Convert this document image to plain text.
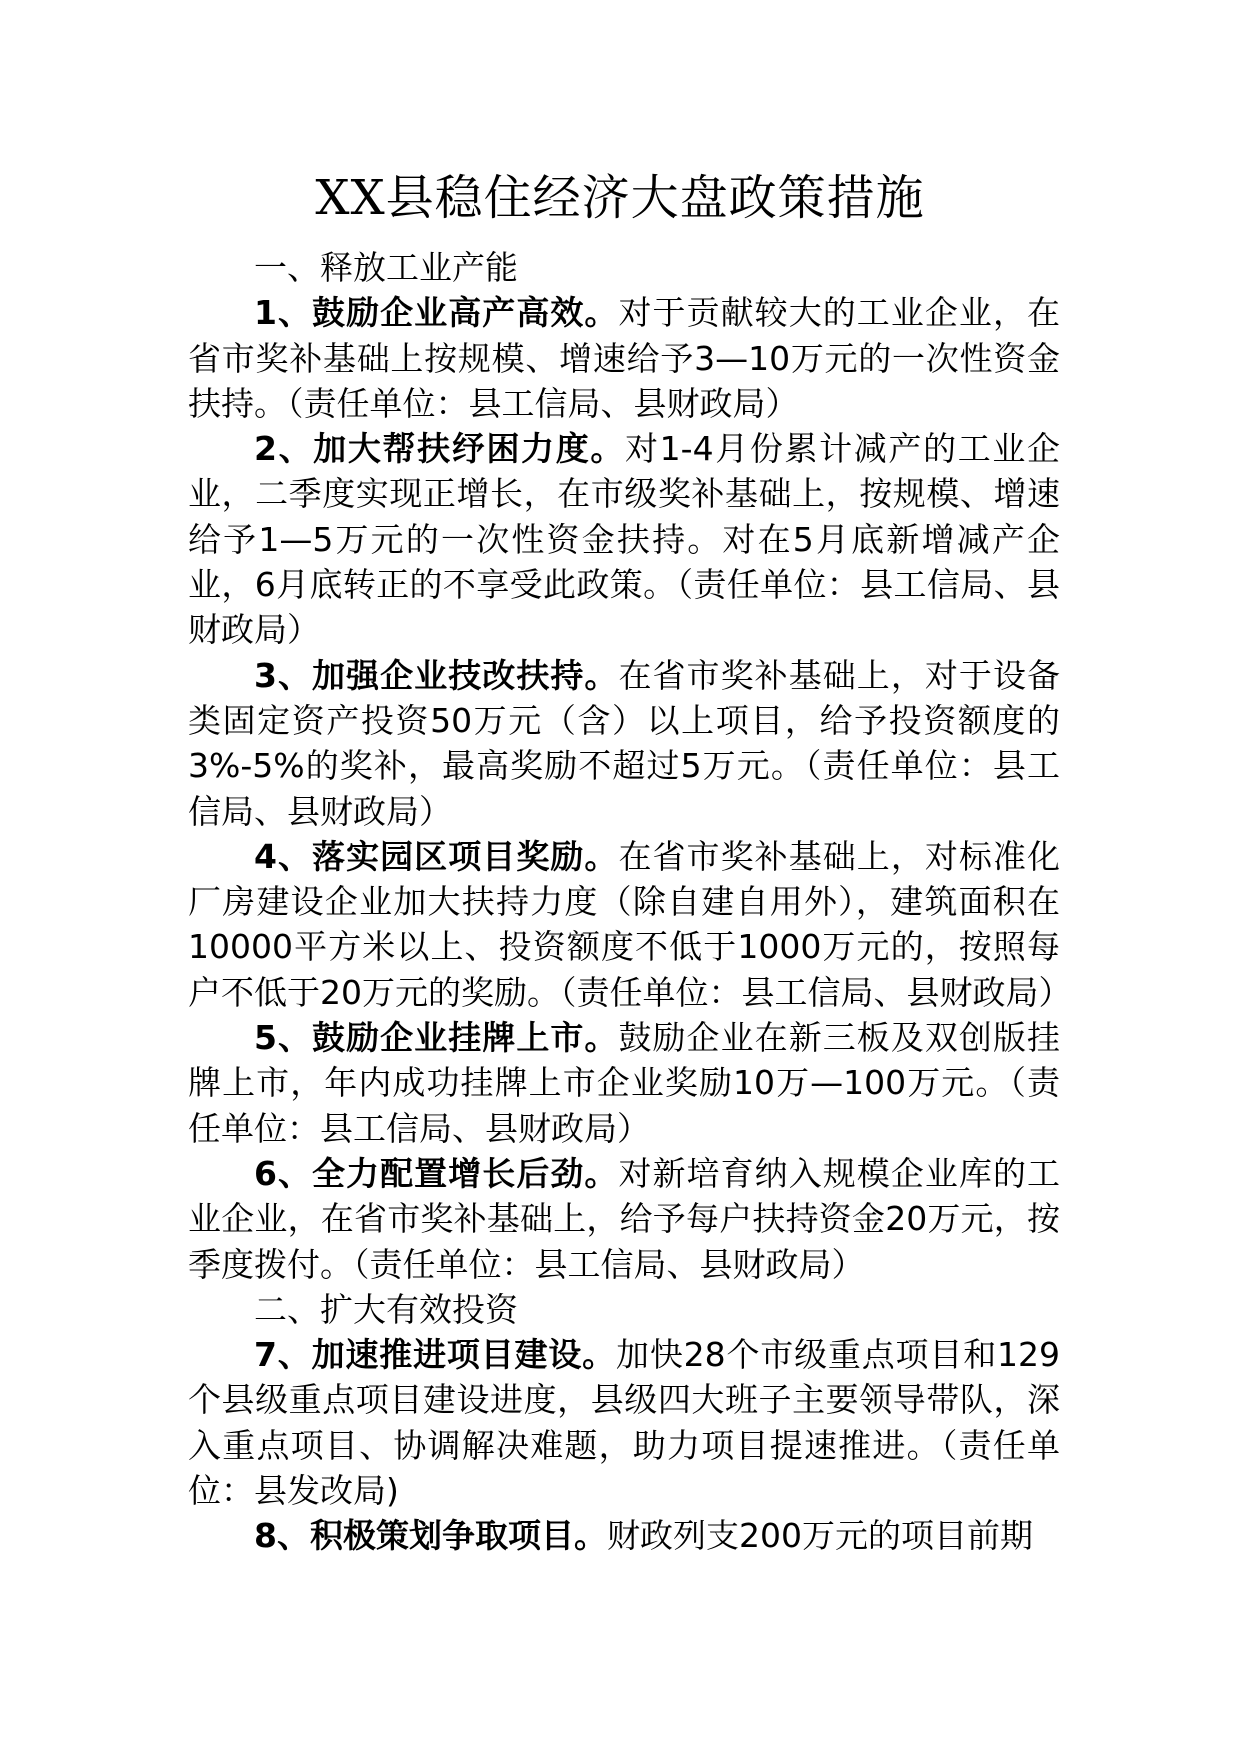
XX县稳住经济大盘政策措施

一、释放工业产能

1、鼓励企业高产高效。对于贡献较大的工业企业，在省市奖补基础上按规模、增速给予3—10万元的一次性资金扶持。（责任单位：县工信局、县财政局）

2、加大帮扶纾困力度。对1-4月份累计减产的工业企业，二季度实现正增长，在市级奖补基础上，按规模、增速给予1—5万元的一次性资金扶持。对在5月底新增减产企业，6月底转正的不享受此政策。（责任单位：县工信局、县财政局）

3、加强企业技改扶持。在省市奖补基础上，对于设备类固定资产投资50万元（含）以上项目，给予投资额度的3%-5%的奖补，最高奖励不超过5万元。（责任单位：县工信局、县财政局）

4、落实园区项目奖励。在省市奖补基础上，对标准化厂房建设企业加大扶持力度（除自建自用外），建筑面积在10000平方米以上、投资额度不低于1000万元的，按照每户不低于20万元的奖励。（责任单位：县工信局、县财政局）

5、鼓励企业挂牌上市。鼓励企业在新三板及双创版挂牌上市，年内成功挂牌上市企业奖励10万—100万元。（责任单位：县工信局、县财政局）

6、全力配置增长后劲。对新培育纳入规模企业库的工业企业，在省市奖补基础上，给予每户扶持资金20万元，按季度拨付。（责任单位：县工信局、县财政局）

二、扩大有效投资

7、加速推进项目建设。加快28个市级重点项目和129个县级重点项目建设进度，县级四大班子主要领导带队，深入重点项目、协调解决难题，助力项目提速推进。（责任单位：县发改局)

8、积极策划争取项目。财政列支200万元的项目前期
